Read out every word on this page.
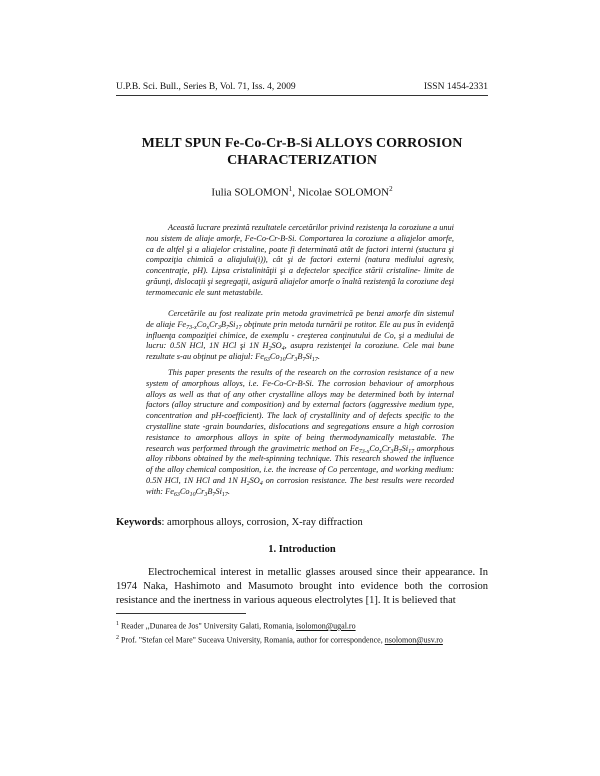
U.P.B. Sci. Bull., Series B, Vol. 71, Iss. 4, 2009	ISSN 1454-2331
MELT SPUN Fe-Co-Cr-B-Si ALLOYS CORROSION
CHARACTERIZATION
Iulia SOLOMON$^1$, Nicolae SOLOMON$^2$

Această lucrare prezintă rezultatele cercetărilor privind rezistenţa la coroziune a unui nou sistem de aliaje amorfe, Fe-Co-Cr-B-Si. Comportarea la coroziune a aliajelor amorfe, ca de altfel şi a aliajelor cristaline, poate fi determinată atât de factori interni (stuctura şi compoziţia chimică a aliajului(i)), cât şi de factori externi (natura mediului agresiv, concentraţie, pH). Lipsa cristalinităţii şi a defectelor specifice stării cristaline- limite de grăunţi, dislocaţii şi segregaţii, asigură aliajelor amorfe o înaltă rezistenţă la coroziune deşi termomecanic ele sunt metastabile.

Cercetările au fost realizate prin metoda gravimetrică pe benzi amorfe din sistemul de aliaje $Fe_{73-x}Co_xCr_3B_7Si_{17}$ obţinute prin metoda turnării pe rotitor. Ele au pus în evidenţă influenţa compoziţiei chimice, de exemplu - creşterea conţinutului de Co, şi a mediului de lucru: 0.5N HCl, 1N HCl şi 1N $H_2SO_4$, asupra rezistenţei la coroziune. Cele mai bune rezultate s-au obţinut pe aliajul: $Fe_{63}Co_{10}Cr_3B_7Si_{17}$.

This paper presents the results of the research on the corrosion resistance of a new system of amorphous alloys, i.e. Fe-Co-Cr-B-Si. The corrosion behaviour of amorphous alloys as well as that of any other crystalline alloys may be determined both by internal factors (alloy structure and composition) and by external factors (aggressive medium type, concentration and pH-coefficient). The lack of crystallinity and of defects specific to the crystalline state -grain boundaries, dislocations and segregations ensure a high corrosion resistance to amorphous alloys in spite of being thermodynamically metastable. The research was performed through the gravimetric method on $Fe_{73-x}Co_xCr_3B_7Si_{17}$ amorphous alloy ribbons obtained by the melt-spinning technique. This research showed the influence of the alloy chemical composition, i.e. the increase of Co percentage, and working medium: 0.5N HCl, 1N HCl and 1N $H_2SO_4$ on corrosion resistance. The best results were recorded with: $Fe_{63}Co_{10}Cr_3B_7Si_{17}$.

Keywords: amorphous alloys, corrosion, X-ray diffraction
1. Introduction

Electrochemical interest in metallic glasses aroused since their appearance. In 1974 Naka, Hashimoto and Masumoto brought into evidence both the corrosion resistance and the inertness in various aqueous electrolytes [1]. It is believed that

$^1$ Reader ,,Dunarea de Jos" University Galati, Romania, isolomon@ugal.ro

$^2$ Prof. "Stefan cel Mare" Suceava University, Romania, author for correspondence, nsolomon@usv.ro
